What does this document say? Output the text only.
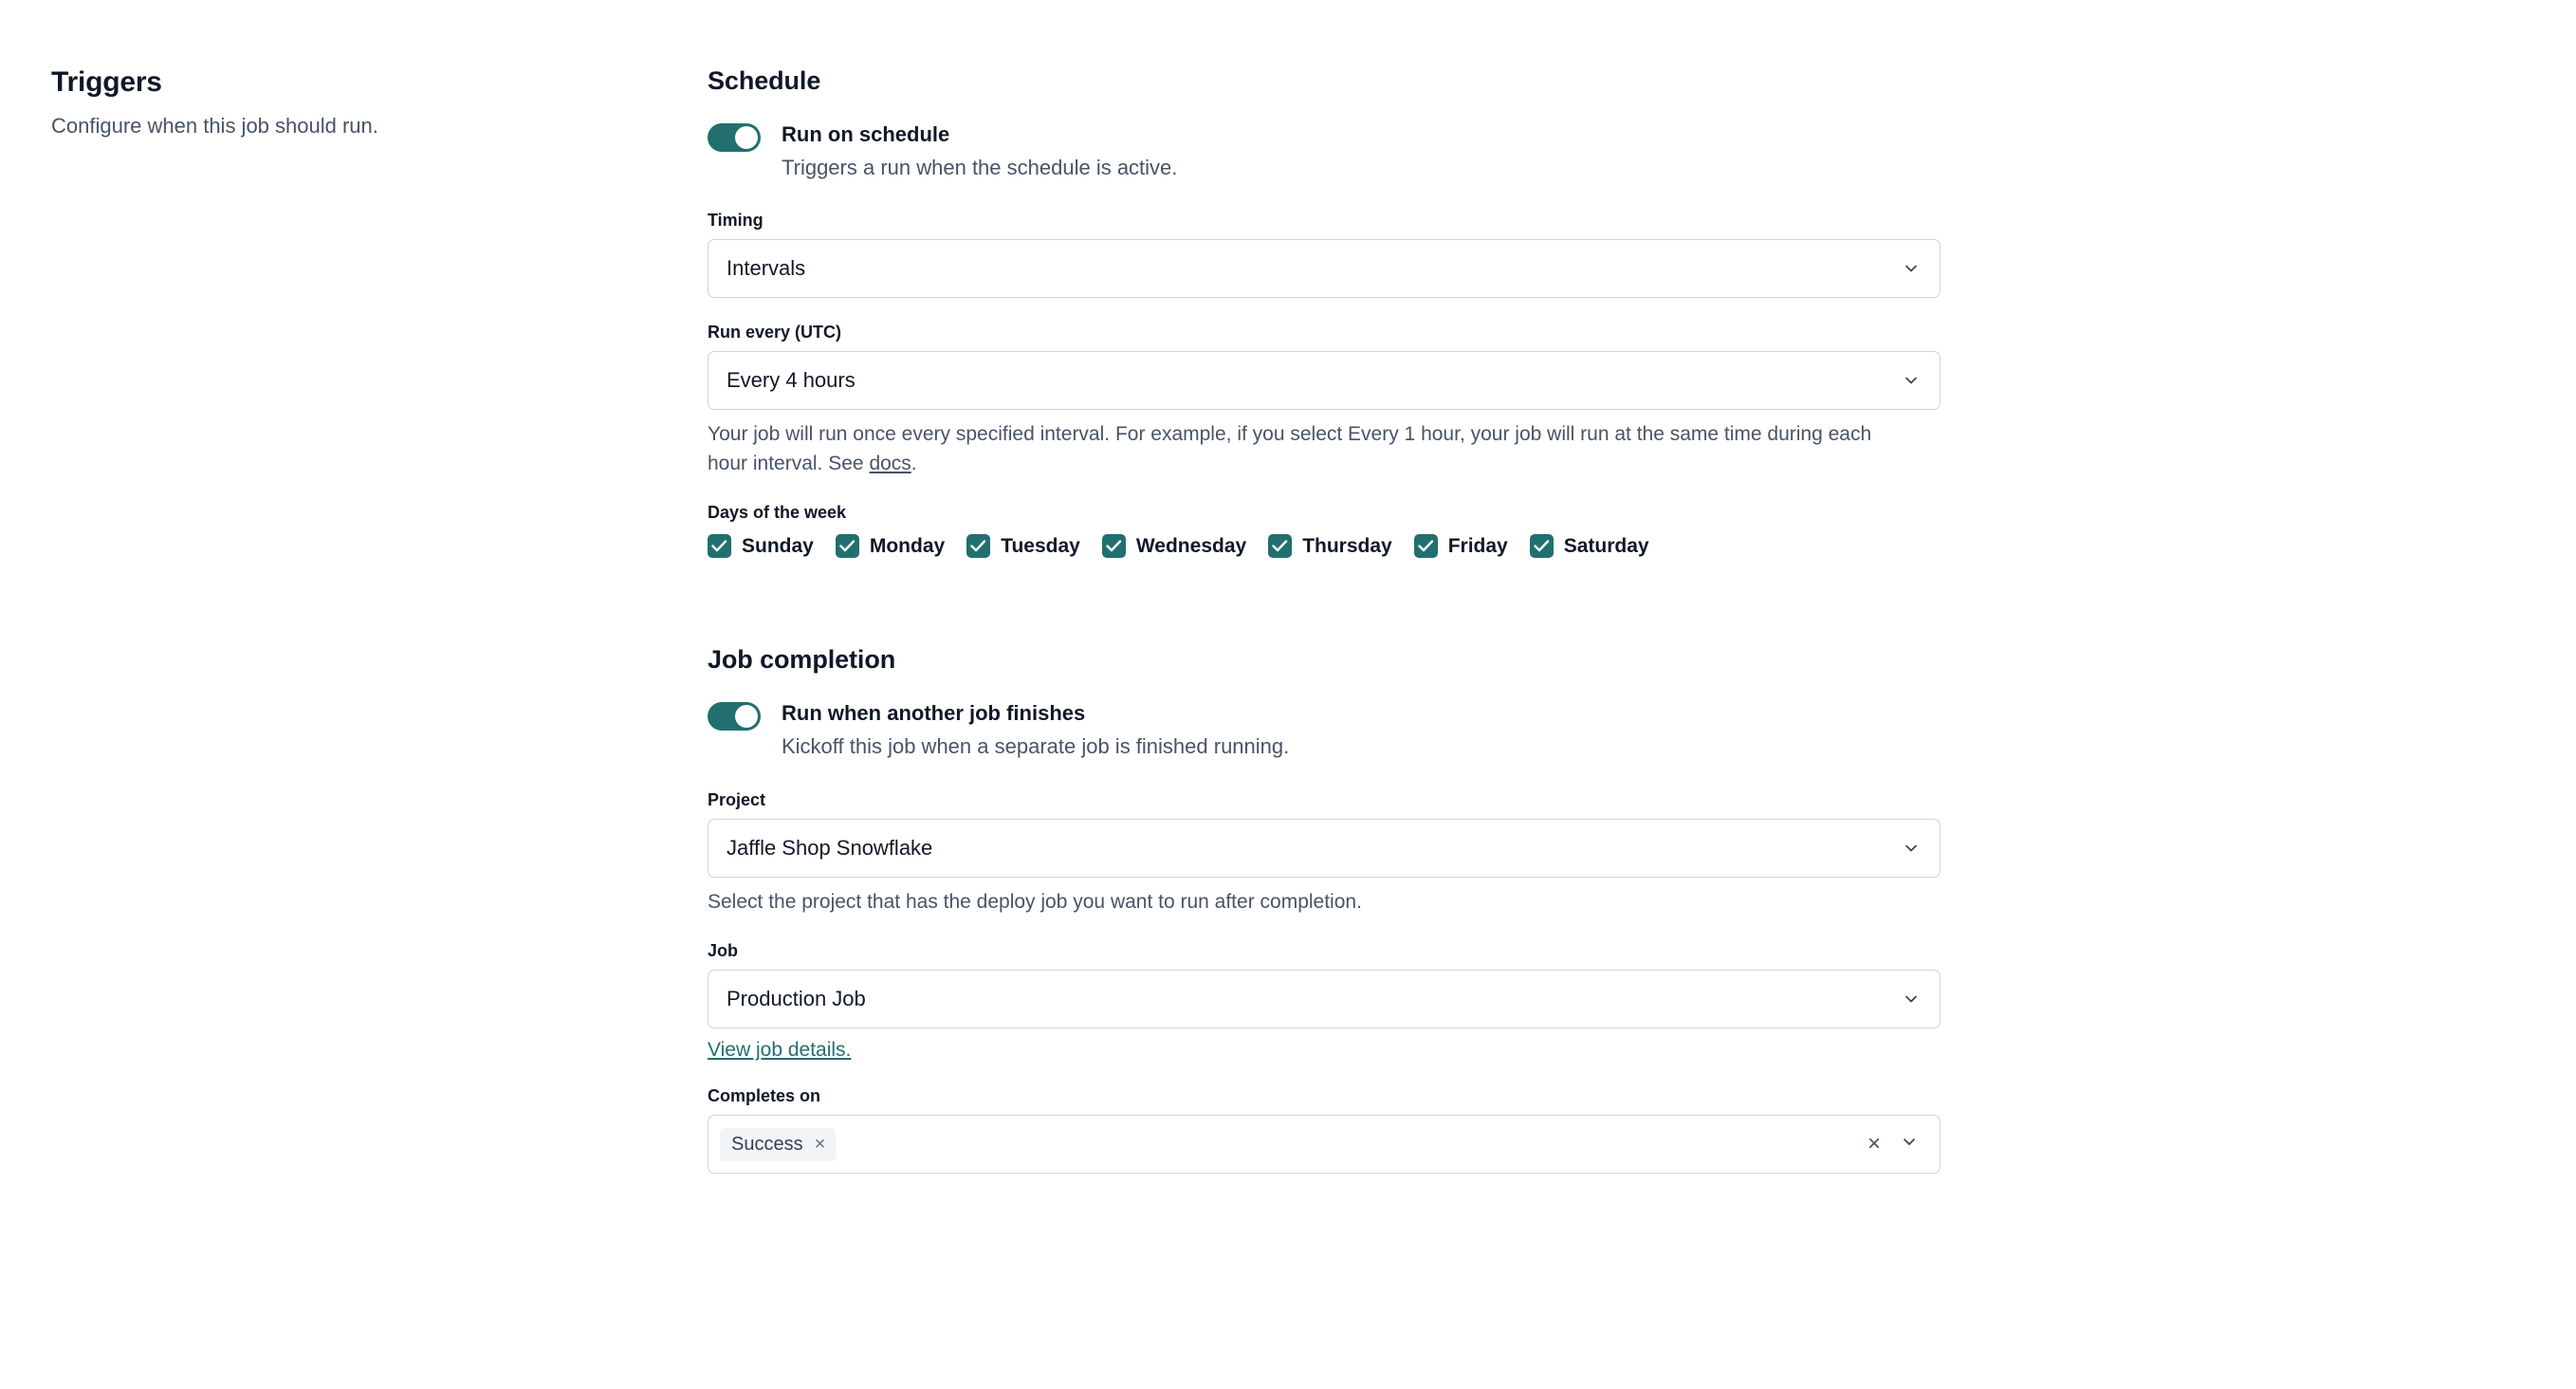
Triggers

Configure when this job should run.

Schedule
Run on schedule
Triggers a run when the schedule is active.
Timing
Intervals
Run every (UTC)
Every 4 hours

Your job will run once every specified interval. For example, if you select Every 1 hour, your job will run at the same time during each hour interval. See docs.

Days of the week
Sunday	Monday	Tuesday	Wednesday	Thursday	Friday	Saturday
Job completion
Run when another job finishes
Kickoff this job when a separate job is finished running.
Project
Jaffle Shop Snowflake

Select the project that has the deploy job you want to run after completion.

Job
Production Job
View job details.
Completes on
Success ×	×
